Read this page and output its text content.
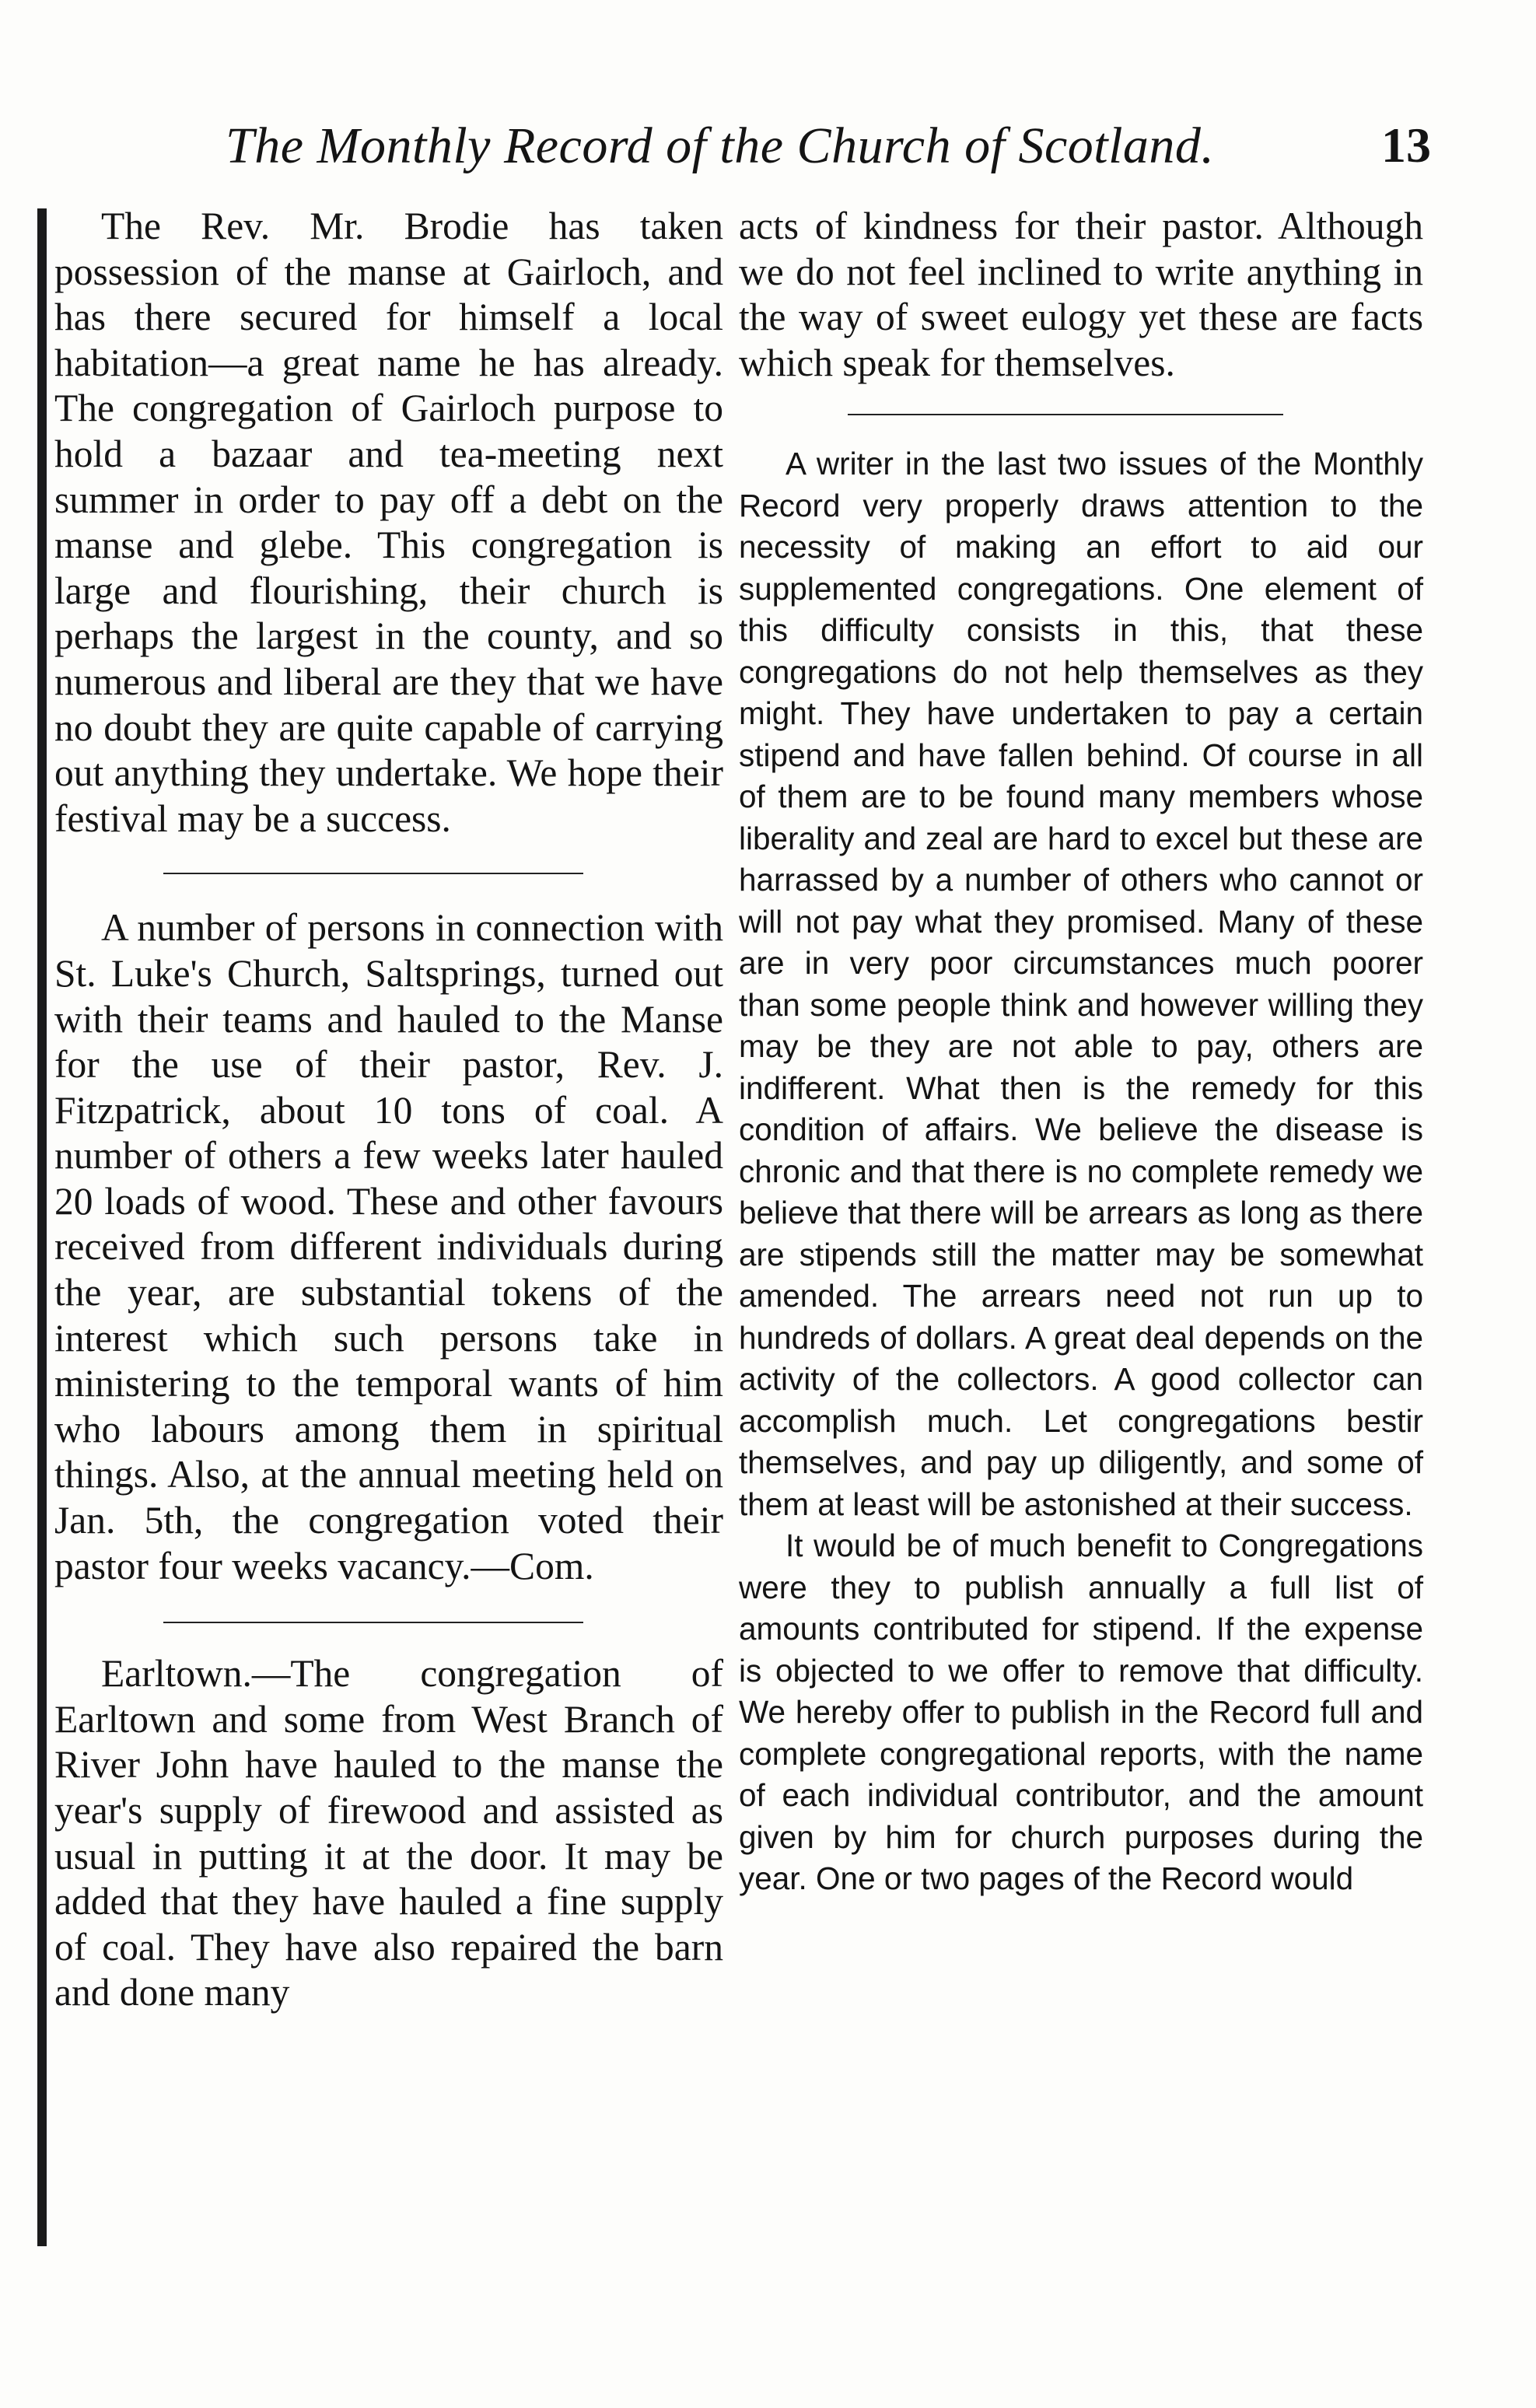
The Monthly Record of the Church of Scotland.	13

The Rev. Mr. Brodie has taken possession of the manse at Gairloch, and has there secured for himself a local habitation—a great name he has already. The congregation of Gairloch purpose to hold a bazaar and tea-meeting next summer in order to pay off a debt on the manse and glebe. This congregation is large and flourishing, their church is perhaps the largest in the county, and so numerous and liberal are they that we have no doubt they are quite capable of carrying out anything they undertake. We hope their festival may be a success.

A number of persons in connection with St. Luke's Church, Saltsprings, turned out with their teams and hauled to the Manse for the use of their pastor, Rev. J. Fitzpatrick, about 10 tons of coal. A number of others a few weeks later hauled 20 loads of wood. These and other favours received from different individuals during the year, are substantial tokens of the interest which such persons take in ministering to the temporal wants of him who labours among them in spiritual things. Also, at the annual meeting held on Jan. 5th, the congregation voted their pastor four weeks vacancy.—Com.

Earltown.—The congregation of Earltown and some from West Branch of River John have hauled to the manse the year's supply of firewood and assisted as usual in putting it at the door. It may be added that they have hauled a fine supply of coal. They have also repaired the barn and done many

acts of kindness for their pastor. Although we do not feel inclined to write anything in the way of sweet eulogy yet these are facts which speak for themselves.

A writer in the last two issues of the Monthly Record very properly draws attention to the necessity of making an effort to aid our supplemented congregations. One element of this difficulty consists in this, that these congregations do not help themselves as they might. They have undertaken to pay a certain stipend and have fallen behind. Of course in all of them are to be found many members whose liberality and zeal are hard to excel but these are harrassed by a number of others who cannot or will not pay what they promised. Many of these are in very poor circumstances much poorer than some people think and however willing they may be they are not able to pay, others are indifferent. What then is the remedy for this condition of affairs. We believe the disease is chronic and that there is no complete remedy we believe that there will be arrears as long as there are stipends still the matter may be somewhat amended. The arrears need not run up to hundreds of dollars. A great deal depends on the activity of the collectors. A good collector can accomplish much. Let congregations bestir themselves, and pay up diligently, and some of them at least will be astonished at their success.

It would be of much benefit to Congregations were they to publish annually a full list of amounts contributed for stipend. If the expense is objected to we offer to remove that difficulty. We hereby offer to publish in the Record full and complete congregational reports, with the name of each individual contributor, and the amount given by him for church purposes during the year. One or two pages of the Record would
